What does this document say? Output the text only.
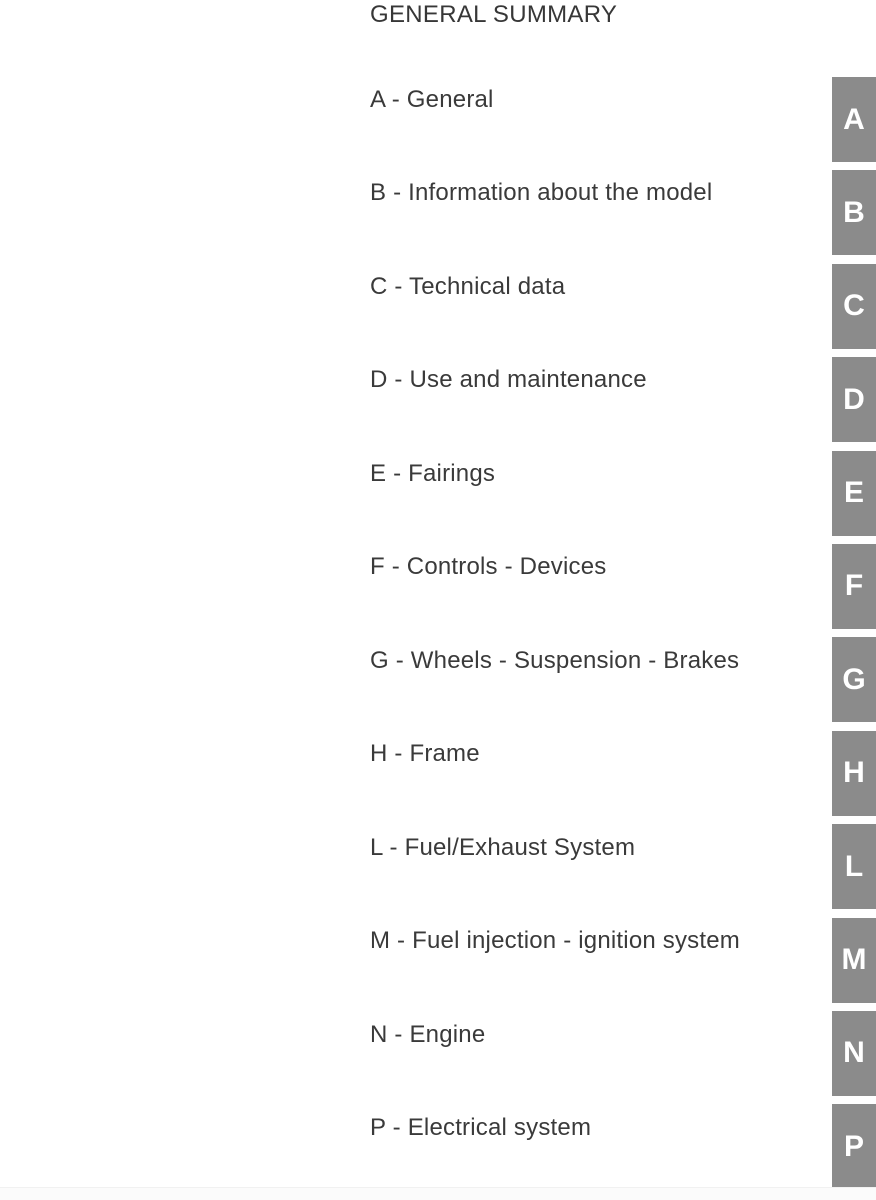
GENERAL SUMMARY
A - General
B - Information about the model
C - Technical data
D - Use and maintenance
E - Fairings
F - Controls - Devices
G - Wheels - Suspension - Brakes
H - Frame
L - Fuel/Exhaust System
M - Fuel injection - ignition system
N - Engine
P - Electrical system
A
B
C
D
E
F
G
H
L
M
N
P
